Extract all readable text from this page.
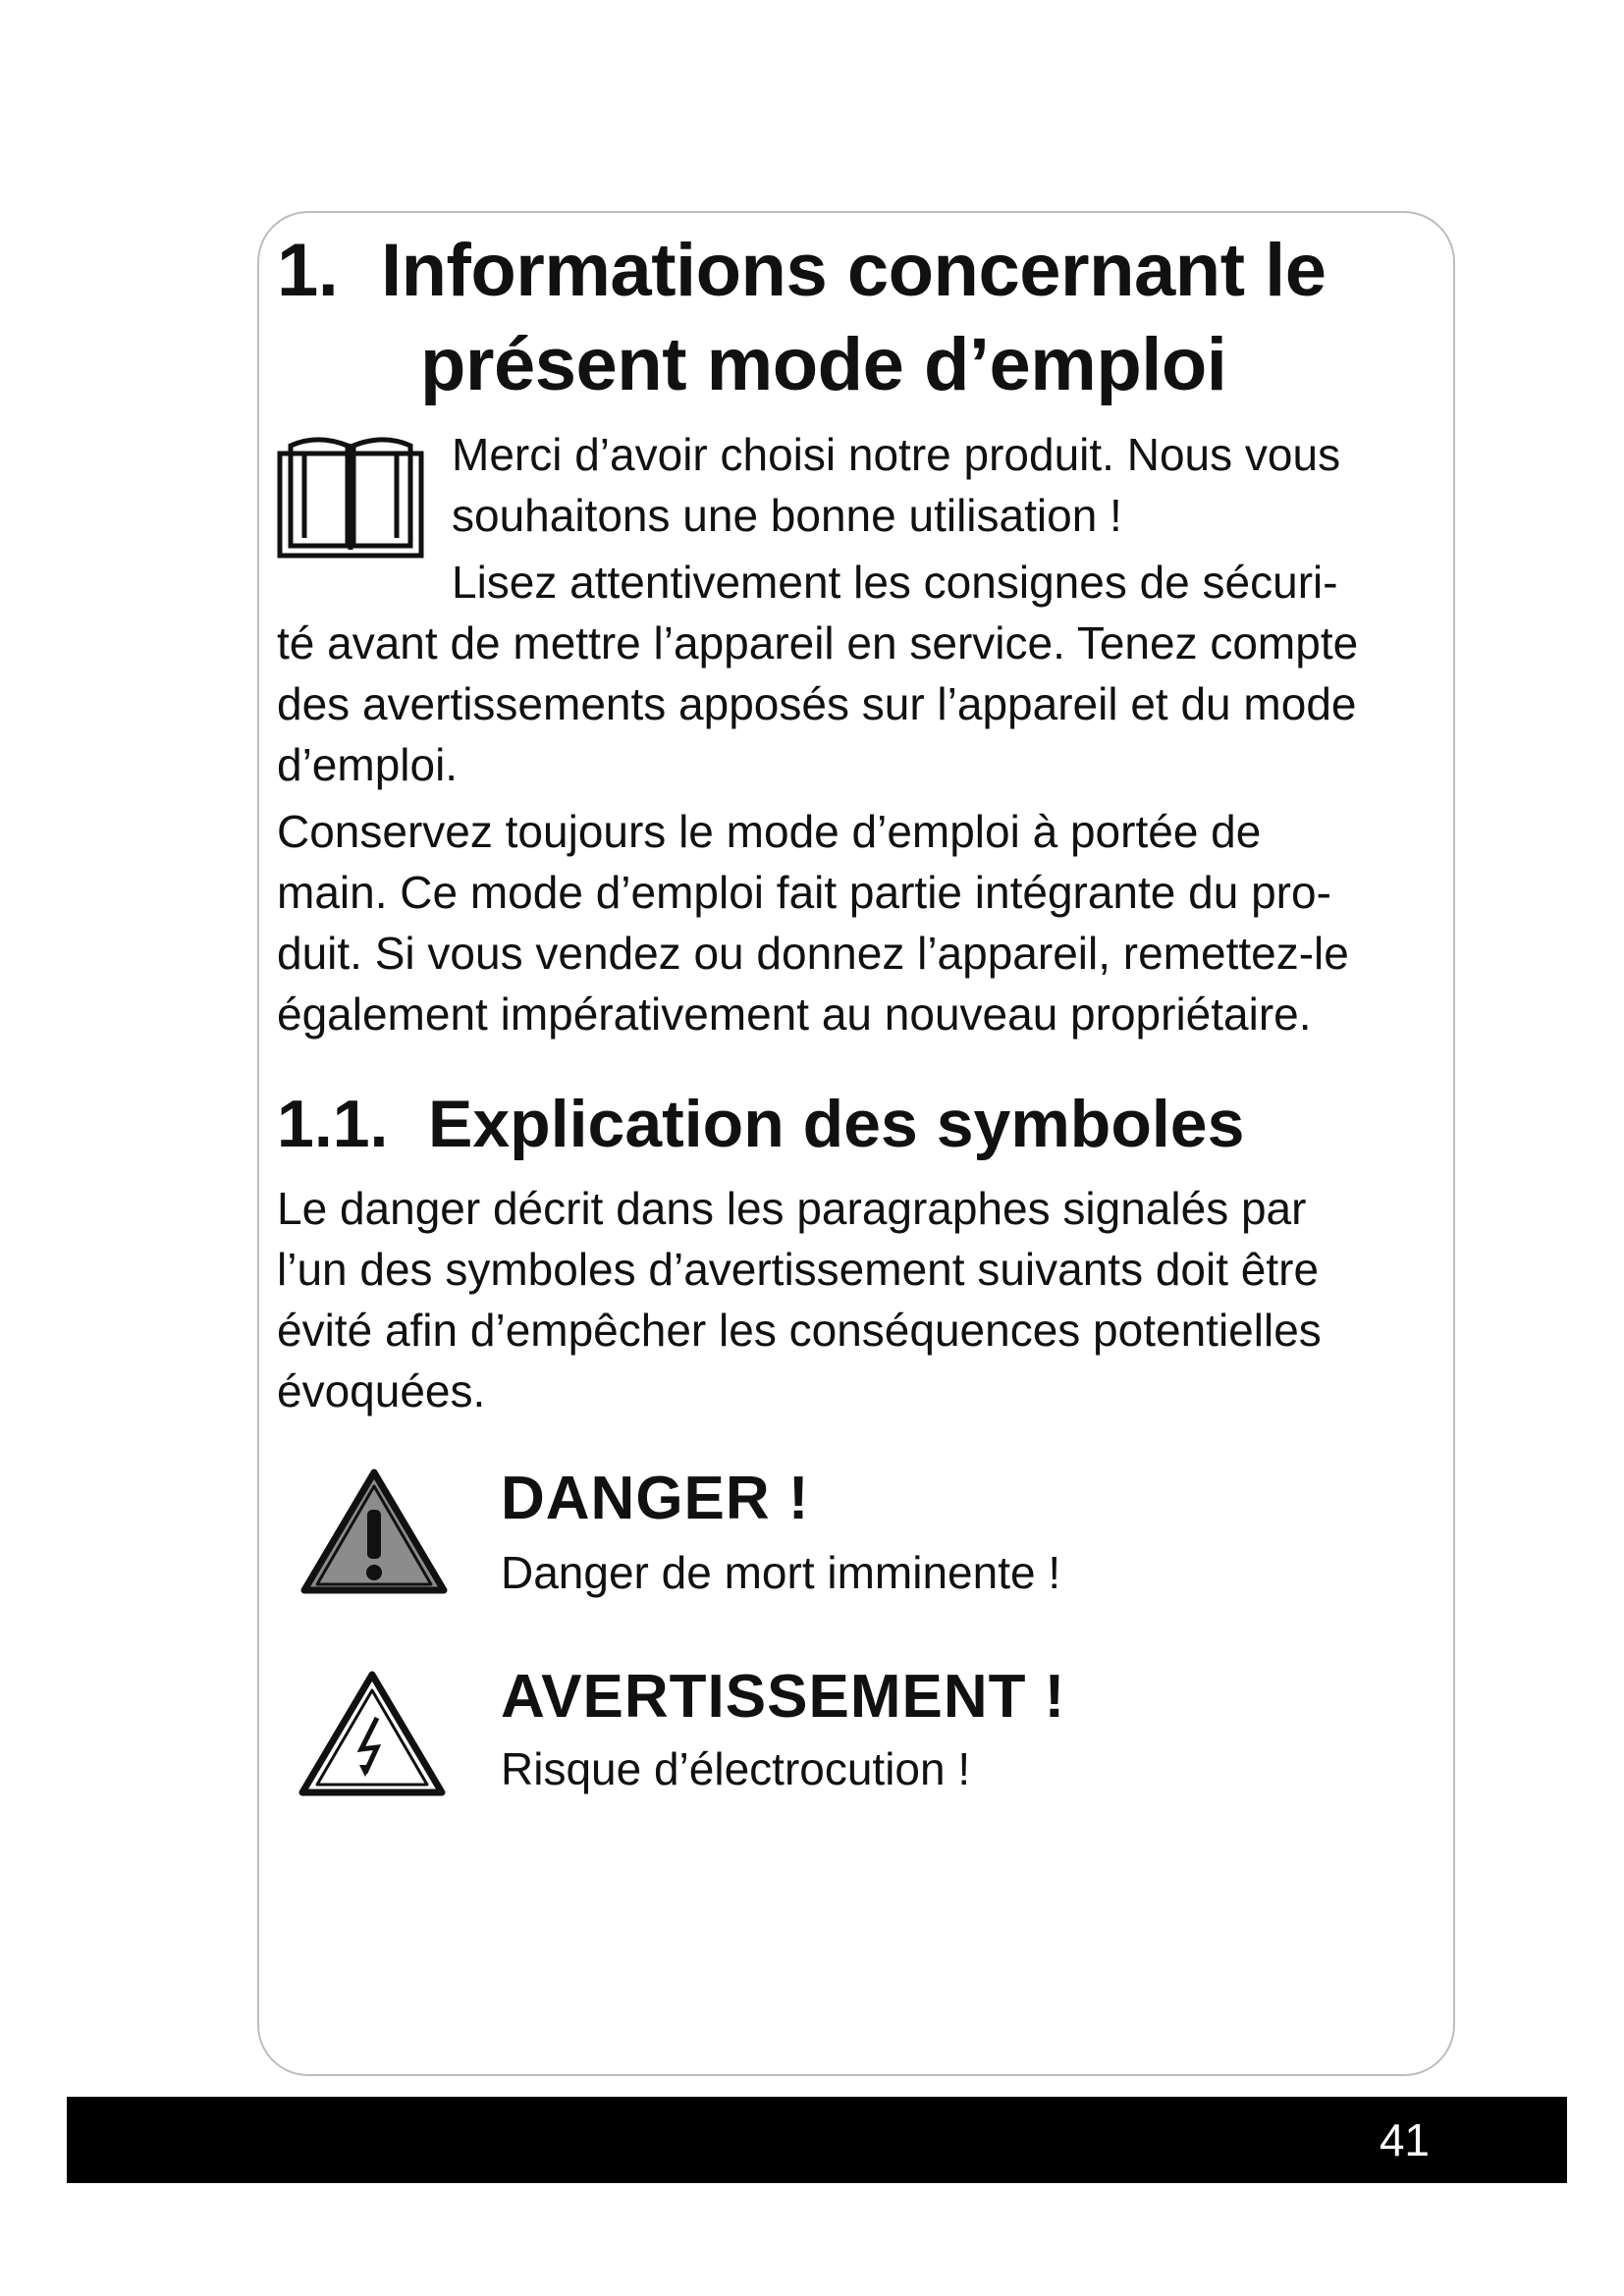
1. Informations concernant le
présent mode d’emploi
Merci d’avoir choisi notre produit. Nous vous
souhaitons une bonne utilisation !
Lisez attentivement les consignes de sécuri-
té avant de mettre l’appareil en service. Tenez compte
des avertissements apposés sur l’appareil et du mode
d’emploi.
Conservez toujours le mode d’emploi à portée de
main. Ce mode d’emploi fait partie intégrante du pro-
duit. Si vous vendez ou donnez l’appareil, remettez-le
également impérativement au nouveau propriétaire.
1.1. Explication des symboles
Le danger décrit dans les paragraphes signalés par
l’un des symboles d’avertissement suivants doit être
évité afin d’empêcher les conséquences potentielles
évoquées.
DANGER !
Danger de mort imminente !
AVERTISSEMENT !
Risque d’électrocution !
41
